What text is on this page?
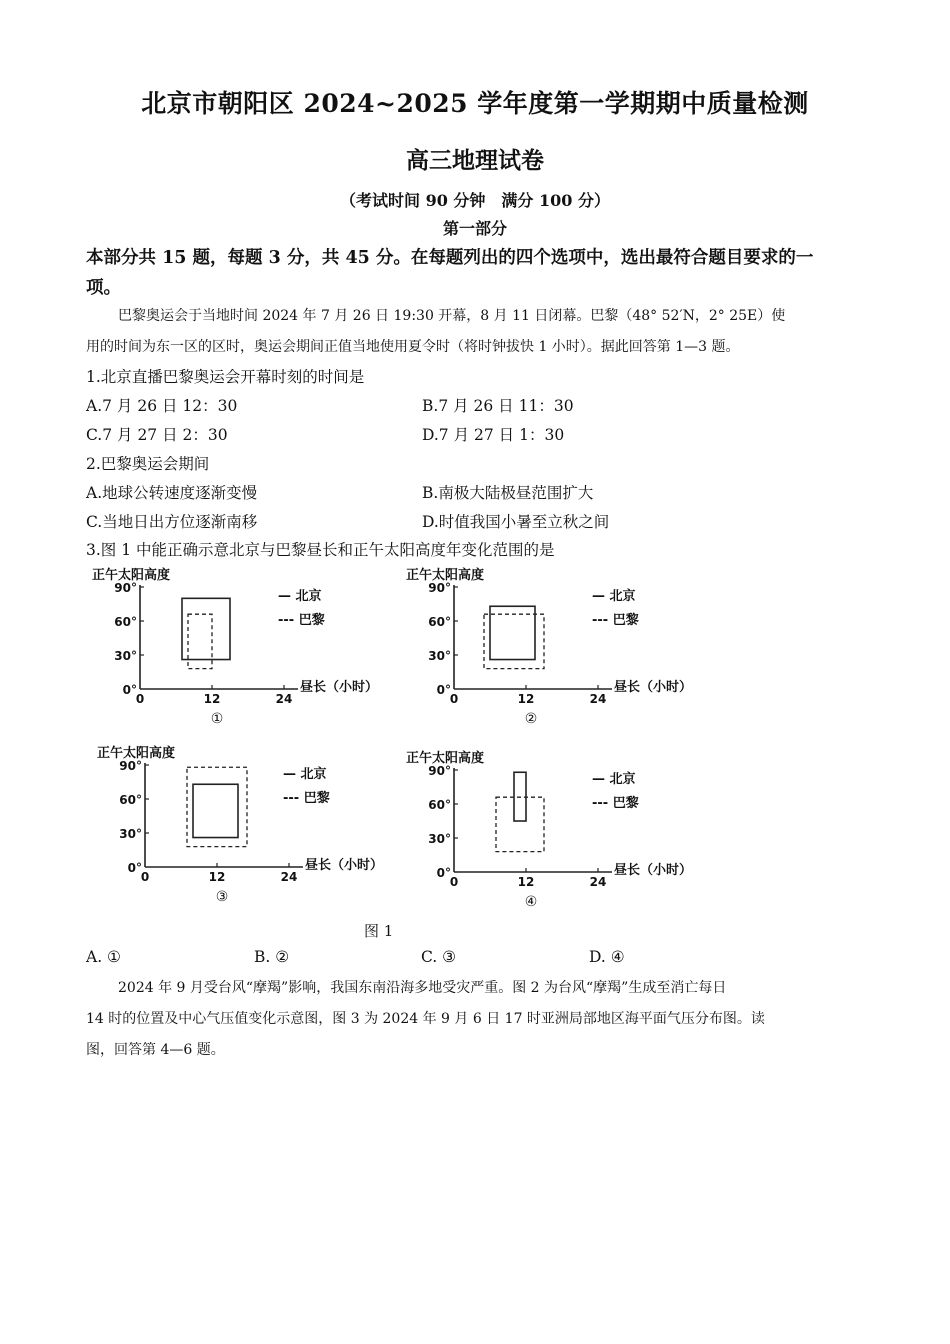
北京市朝阳区 2024~2025 学年度第一学期期中质量检测
高三地理试卷
（考试时间 90 分钟　满分 100 分）
第一部分
本部分共 15 题，每题 3 分，共 45 分。在每题列出的四个选项中，选出最符合题目要求的一
项。
巴黎奥运会于当地时间 2024 年 7 月 26 日 19:30 开幕，8 月 11 日闭幕。巴黎（48° 52′N，2° 25E）使
用的时间为东一区的区时，奥运会期间正值当地使用夏令时（将时钟拔快 1 小时）。据此回答第 1—3 题。
1.北京直播巴黎奥运会开幕时刻的时间是
A.7 月 26 日 12：30	B.7 月 26 日 11：30
C.7 月 27 日 2：30	D.7 月 27 日 1：30
2.巴黎奥运会期间
A.地球公转速度逐渐变慢	B.南极大陆极昼范围扩大
C.当地日出方位逐渐南移	D.时值我国小暑至立秋之间
3.图 1 中能正确示意北京与巴黎昼长和正午太阳高度年变化范围的是
正午太阳高度
0°
30°
60°
90°
0	12	24
昼长（小时）
— 北京
--- 巴黎
①
正午太阳高度
0°
30°
60°
90°
0	12	24
昼长（小时）
— 北京
--- 巴黎
②
正午太阳高度
0°
30°
60°
90°
0	12	24
昼长（小时）
— 北京
--- 巴黎
③
正午太阳高度
0°
30°
60°
90°
0	12	24
昼长（小时）
— 北京
--- 巴黎
④
图 1
A. ①	B. ②	C. ③	D. ④
2024 年 9 月受台风“摩羯”影响，我国东南沿海多地受灾严重。图 2 为台风“摩羯”生成至消亡每日
14 时的位置及中心气压值变化示意图，图 3 为 2024 年 9 月 6 日 17 时亚洲局部地区海平面气压分布图。读
图，回答第 4—6 题。
